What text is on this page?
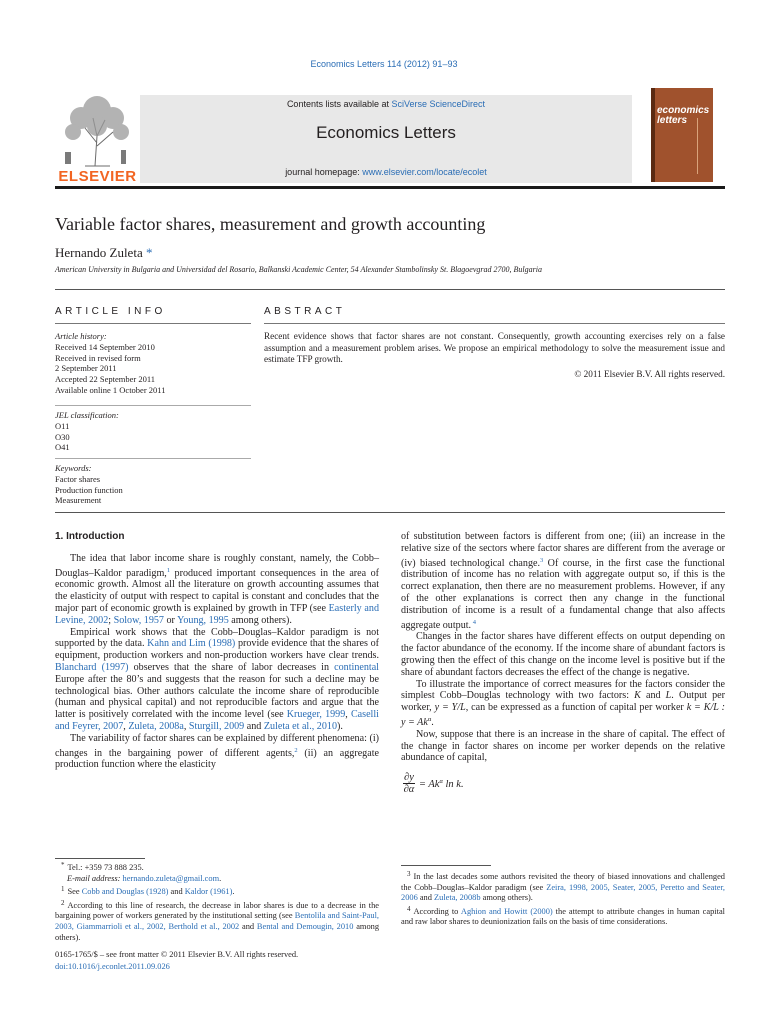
Economics Letters 114 (2012) 91–93
ELSEVIER
Contents lists available at SciVerse ScienceDirect
Economics Letters
journal homepage: www.elsevier.com/locate/ecolet
economics
letters
Variable factor shares, measurement and growth accounting
Hernando Zuleta *
American University in Bulgaria and Universidad del Rosario, Balkanski Academic Center, 54 Alexander Stambolinsky St. Blagoevgrad 2700, Bulgaria
ARTICLE INFO	ABSTRACT
Article history:
Received 14 September 2010
Received in revised form
2 September 2011
Accepted 22 September 2011
Available online 1 October 2011
JEL classification:
O11
O30
O41
Keywords:
Factor shares
Production function
Measurement
Recent evidence shows that factor shares are not constant. Consequently, growth accounting exercises rely on a false assumption and a measurement problem arises. We propose an empirical methodology to solve the measurement issue and estimate TFP growth.
© 2011 Elsevier B.V. All rights reserved.

1. Introduction

The idea that labor income share is roughly constant, namely, the Cobb–Douglas–Kaldor paradigm,$^1$ produced important consequences in the area of economic growth. Almost all the literature on growth accounting assumes that the elasticity of output with respect to capital is constant and concludes that the major part of economic growth is explained by growth in TFP (see Easterly and Levine, 2002; Solow, 1957 or Young, 1995 among others).

Empirical work shows that the Cobb–Douglas–Kaldor paradigm is not supported by the data. Kahn and Lim (1998) provide evidence that the shares of equipment, production workers and non-production workers have clear trends. Blanchard (1997) observes that the share of labor decreases in continental Europe after the 80’s and suggests that the reason for such a decline may be technological bias. Other authors calculate the income share of reproducible (human and physical capital) and not reproducible factors and argue that the latter is positively correlated with the income level (see Krueger, 1999, Caselli and Feyrer, 2007, Zuleta, 2008a, Sturgill, 2009 and Zuleta et al., 2010).

The variability of factor shares can be explained by different phenomena: (i) changes in the bargaining power of different agents,$^2$ (ii) an aggregate production function where the elasticity

of substitution between factors is different from one; (iii) an increase in the relative size of the sectors where factor shares are different from the average or (iv) biased technological change.$^3$ Of course, in the first case the functional distribution of income has no relation with aggregate output so, if this is the correct explanation, then there are no measurement problems. However, if any of the other explanations is correct then any change in the functional distribution of income is a result of a fundamental change that also affects aggregate output. $^4$

Changes in the factor shares have different effects on output depending on the factor abundance of the economy. If the income share of abundant factors is growing then the effect of this change on the income level is positive but if the share of abundant factors decreases the effect of the change is negative.

To illustrate the importance of correct measures for the factors consider the simplest Cobb–Douglas technology with two factors: K and L. Output per worker, y = Y/L, can be expressed as a function of capital per worker k = K/L : $y = Ak^\alpha$.

Now, suppose that there is an increase in the share of capital. The effect of the change in factor shares on income per worker depends on the relative abundance of capital,

$\frac{\partial y}{\partial\alpha} = Ak^\alpha$ ln k.
* Tel.: +359 73 888 235.
E-mail address: hernando.zuleta@gmail.com.
$^1$ See Cobb and Douglas (1928) and Kaldor (1961).
$^2$ According to this line of research, the decrease in labor shares is due to a decrease in the bargaining power of workers generated by the institutional setting (see Bentolila and Saint-Paul, 2003, Giammarrioli et al., 2002, Berthold et al., 2002 and Bental and Demougin, 2010 among others).
$^3$ In the last decades some authors revisited the theory of biased innovations and challenged the Cobb–Douglas–Kaldor paradigm (see Zeira, 1998, 2005, Seater, 2005, Peretto and Seater, 2006 and Zuleta, 2008b among others).
$^4$ According to Aghion and Howitt (2000) the attempt to attribute changes in human capital and raw labor shares to deunionization fails on the basis of time considerations.
0165-1765/$ – see front matter © 2011 Elsevier B.V. All rights reserved.
doi:10.1016/j.econlet.2011.09.026
